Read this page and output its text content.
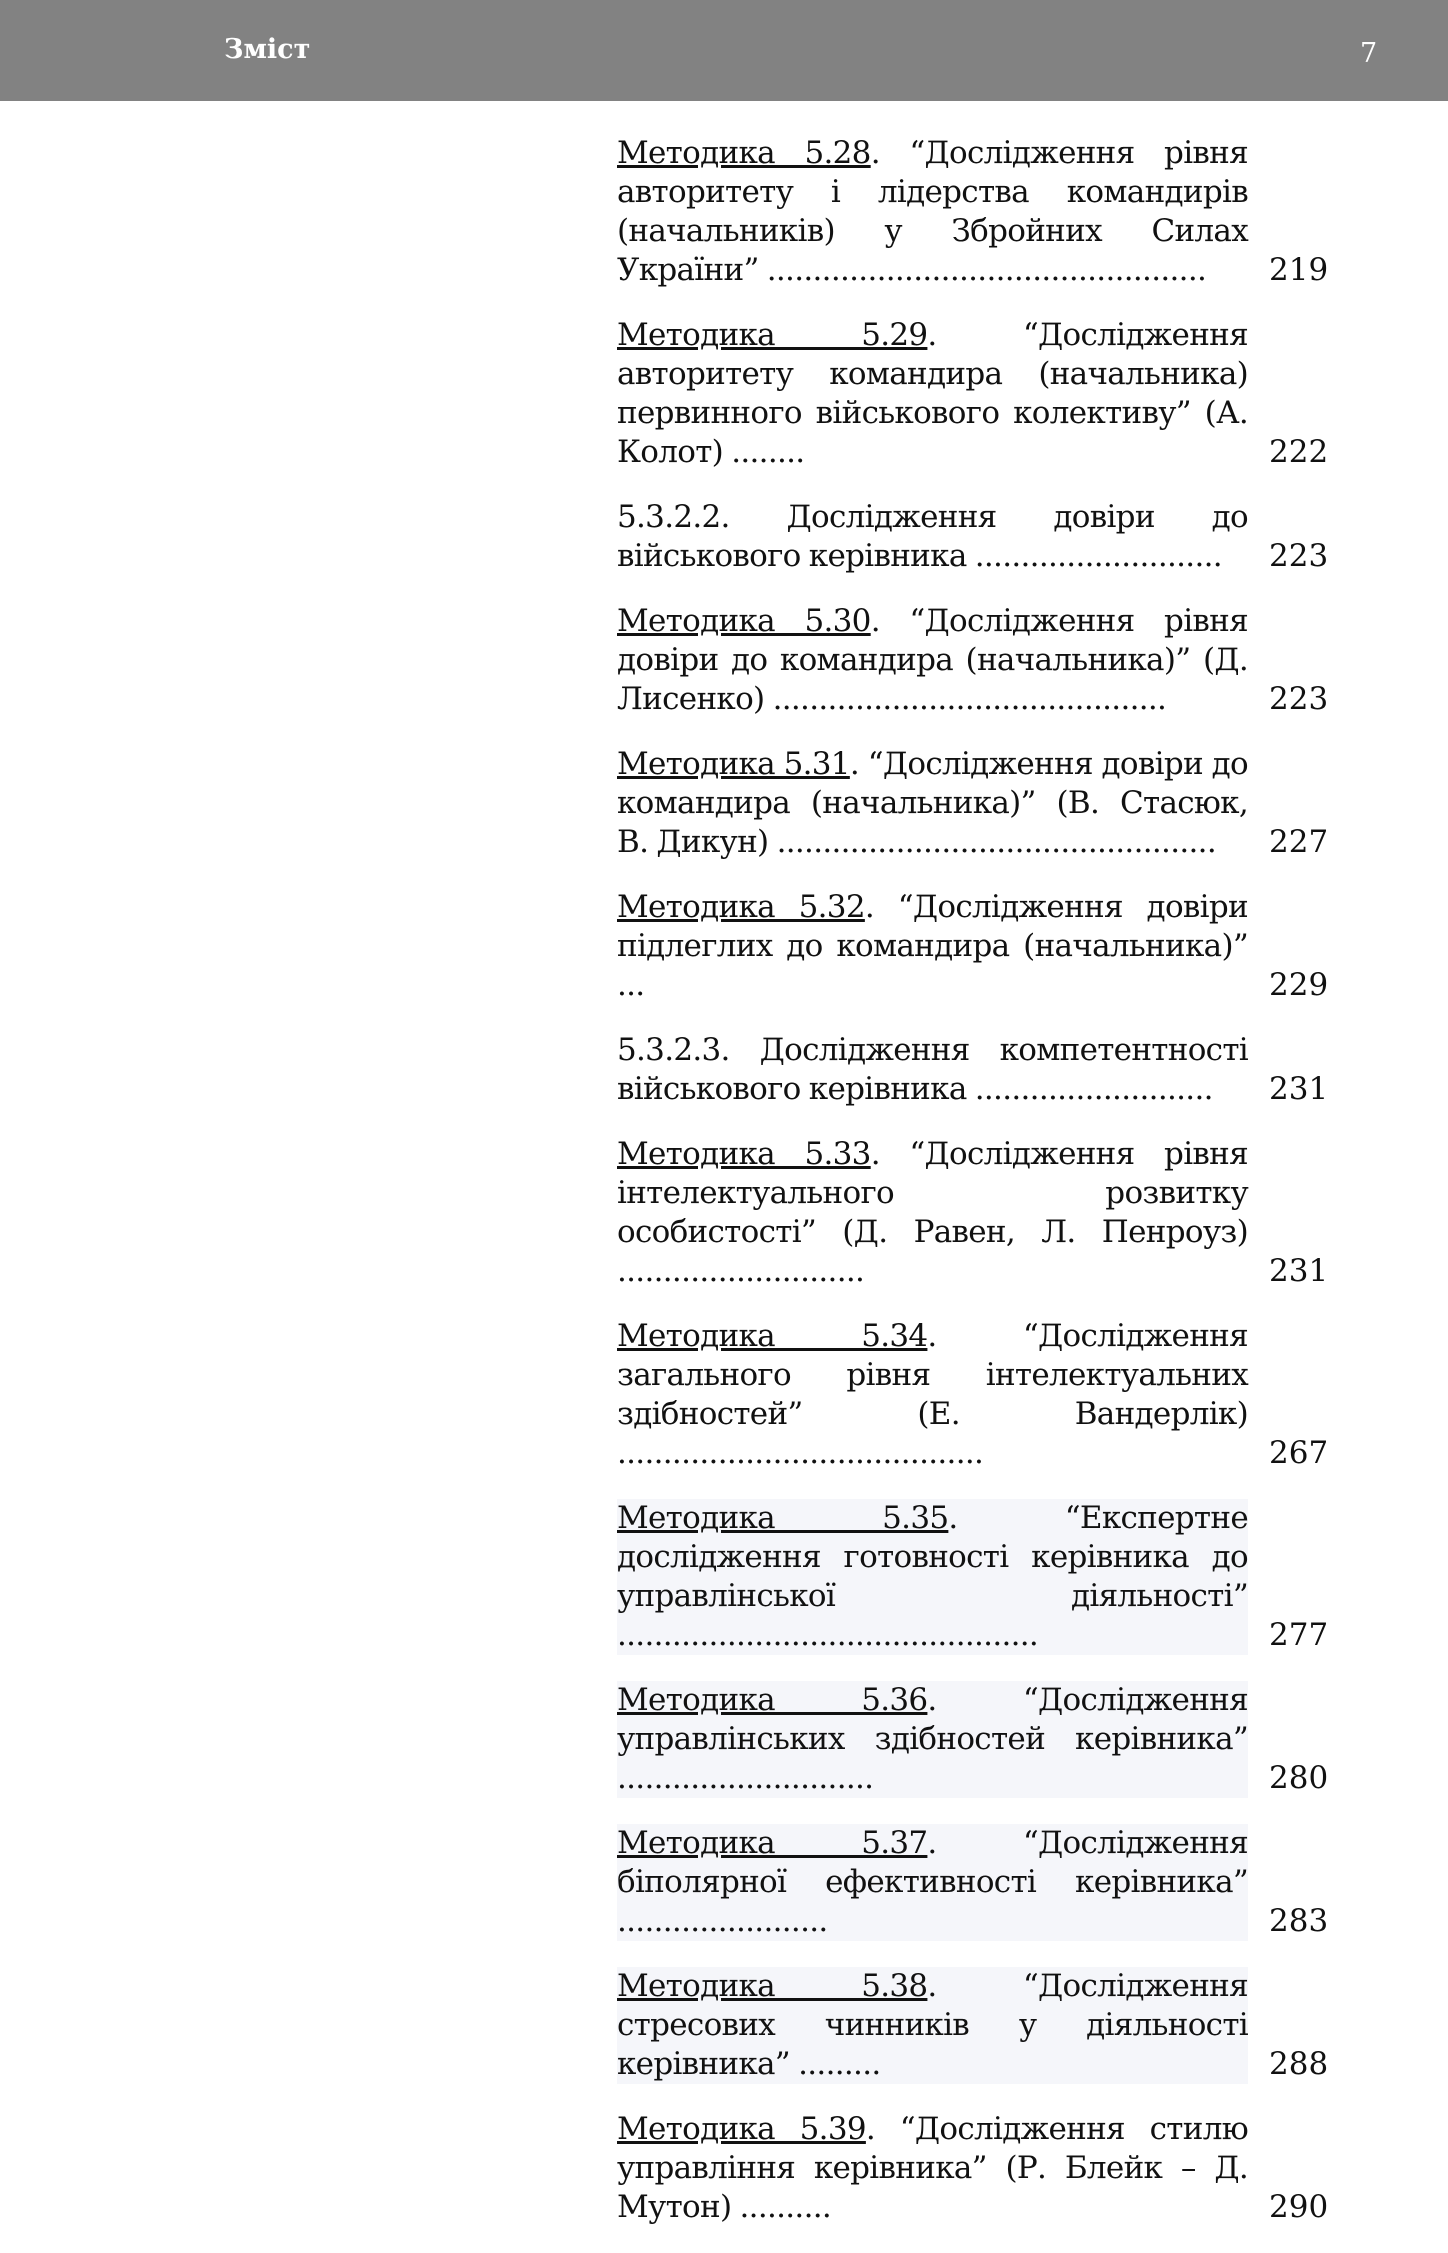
Зміст	7
Методика 5.28. “Дослідження рівня авторитету і лідерства командирів (начальників) у Збройних Силах України” ................................................	219
Методика 5.29. “Дослідження авторитету командира (начальника) первинного військового колективу” (А. Колот) ........	222
5.3.2.2. Дослідження довіри до військового керівника ...........................	223
Методика 5.30. “Дослідження рівня довіри до командира (начальника)” (Д. Лисенко) ...........................................	223
Методика 5.31. “Дослідження довіри до командира (начальника)” (В. Стасюк, В. Дикун) ................................................	227
Методика 5.32. “Дослідження довіри підлеглих до командира (начальника)” ...	229
5.3.2.3. Дослідження компетентності військового керівника ..........................	231
Методика 5.33. “Дослідження рівня інтелектуального розвитку особистості” (Д. Равен, Л. Пенроуз) ...........................	231
Методика 5.34. “Дослідження загального рівня інтелектуальних здібностей” (Е. Вандерлік) ........................................	267
Методика 5.35. “Експертне дослідження готовності керівника до управлінської діяльності” ..............................................	277
Методика 5.36. “Дослідження управлінських здібностей керівника” ............................	280
Методика 5.37. “Дослідження біполярної ефективності керівника” .......................	283
Методика 5.38. “Дослідження стресових чинників у діяльності керівника” .........	288
Методика 5.39. “Дослідження стилю управління керівника” (Р. Блейк – Д. Мутон) ..........	290
